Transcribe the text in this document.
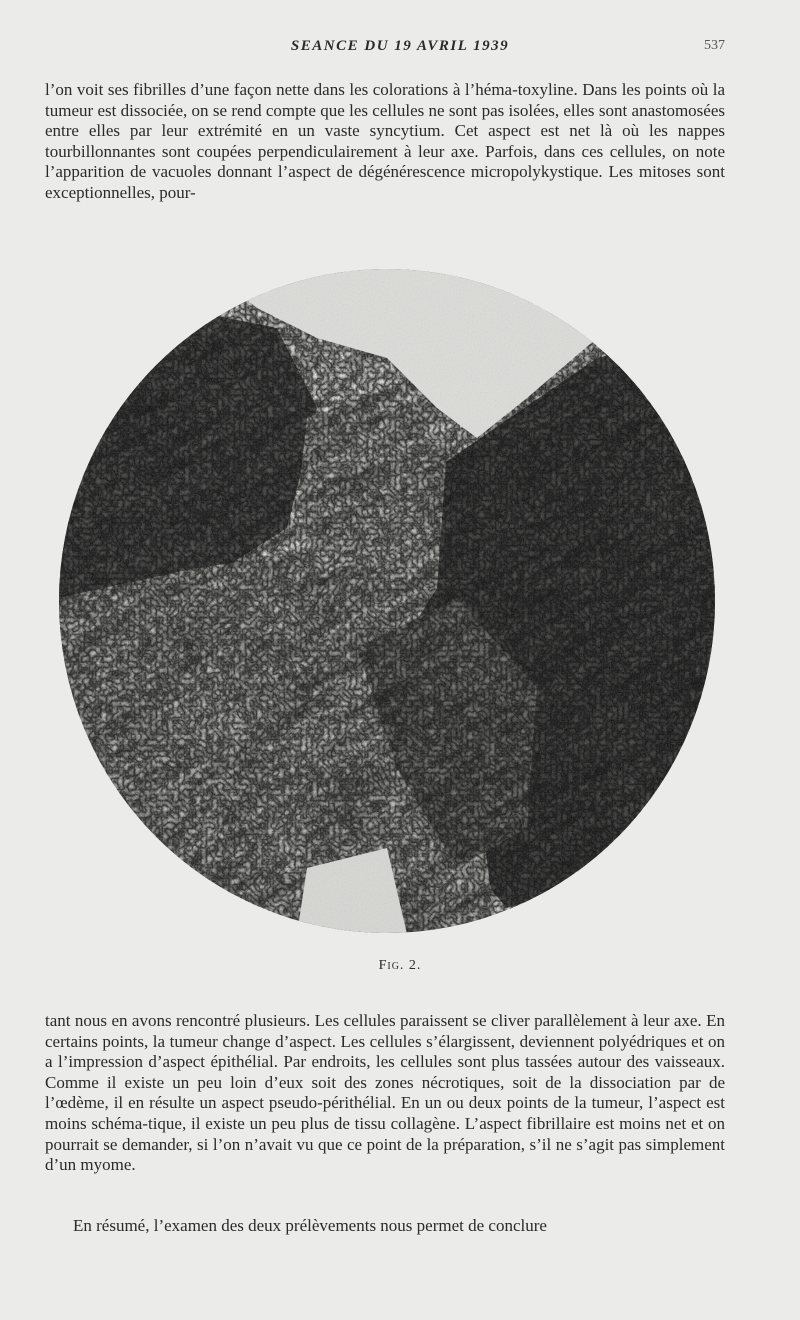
SEANCE DU 19 AVRIL 1939	537

l’on voit ses fibrilles d’une façon nette dans les colorations à l’héma-toxyline. Dans les points où la tumeur est dissociée, on se rend compte que les cellules ne sont pas isolées, elles sont anastomosées entre elles par leur extrémité en un vaste syncytium. Cet aspect est net là où les nappes tourbillonnantes sont coupées perpendiculairement à leur axe. Parfois, dans ces cellules, on note l’apparition de vacuoles donnant l’aspect de dégénérescence micropolykystique. Les mitoses sont exceptionnelles, pour-

Fig. 2.

tant nous en avons rencontré plusieurs. Les cellules paraissent se cliver parallèlement à leur axe. En certains points, la tumeur change d’aspect. Les cellules s’élargissent, deviennent polyédriques et on a l’impression d’aspect épithélial. Par endroits, les cellules sont plus tassées autour des vaisseaux. Comme il existe un peu loin d’eux soit des zones nécrotiques, soit de la dissociation par de l’œdème, il en résulte un aspect pseudo-périthélial. En un ou deux points de la tumeur, l’aspect est moins schéma-tique, il existe un peu plus de tissu collagène. L’aspect fibrillaire est moins net et on pourrait se demander, si l’on n’avait vu que ce point de la préparation, s’il ne s’agit pas simplement d’un myome.

En résumé, l’examen des deux prélèvements nous permet de conclure
